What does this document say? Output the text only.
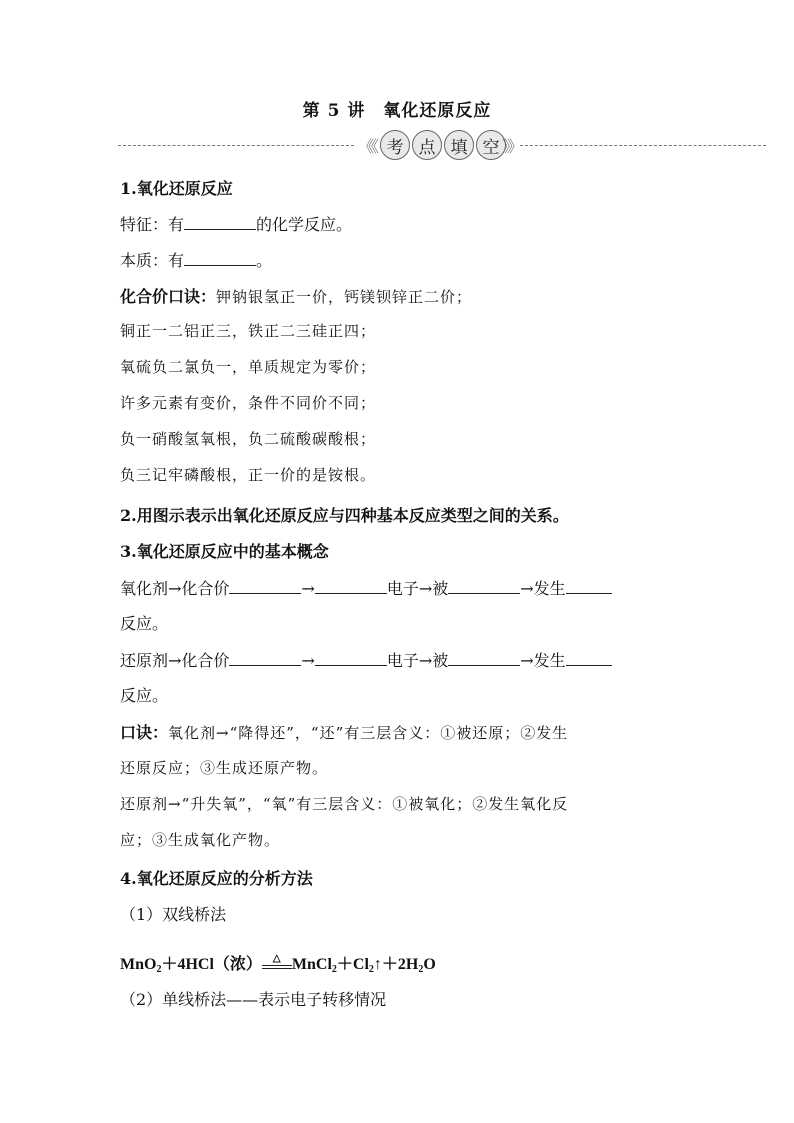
第 5 讲 氧化还原反应
《《 考 点 填 空 》》
1.氧化还原反应
特征：有	的化学反应。
本质：有	。
化合价口诀：钾钠银氢正一价，钙镁钡锌正二价；
铜正一二铝正三，铁正二三硅正四；
氧硫负二氯负一，单质规定为零价；
许多元素有变价，条件不同价不同；
负一硝酸氢氧根，负二硫酸碳酸根；
负三记牢磷酸根，正一价的是铵根。
2.用图示表示出氧化还原反应与四种基本反应类型之间的关系。
3.氧化还原反应中的基本概念
氧化剂→化合价	→	电子→被	→发生
反应。
还原剂→化合价	→	电子→被	→发生
反应。
口诀：氧化剂→“降得还”，“还”有三层含义：①被还原；②发生
还原反应；③生成还原产物。
还原剂→“升失氧”，“氧”有三层含义：①被氧化；②发生氧化反
应；③生成氧化产物。
4.氧化还原反应的分析方法
（1）双线桥法
MnO$_2$＋4HCl（浓） △ $MnCl_2+Cl_2↑+2H_2O$
（2）单线桥法——表示电子转移情况
